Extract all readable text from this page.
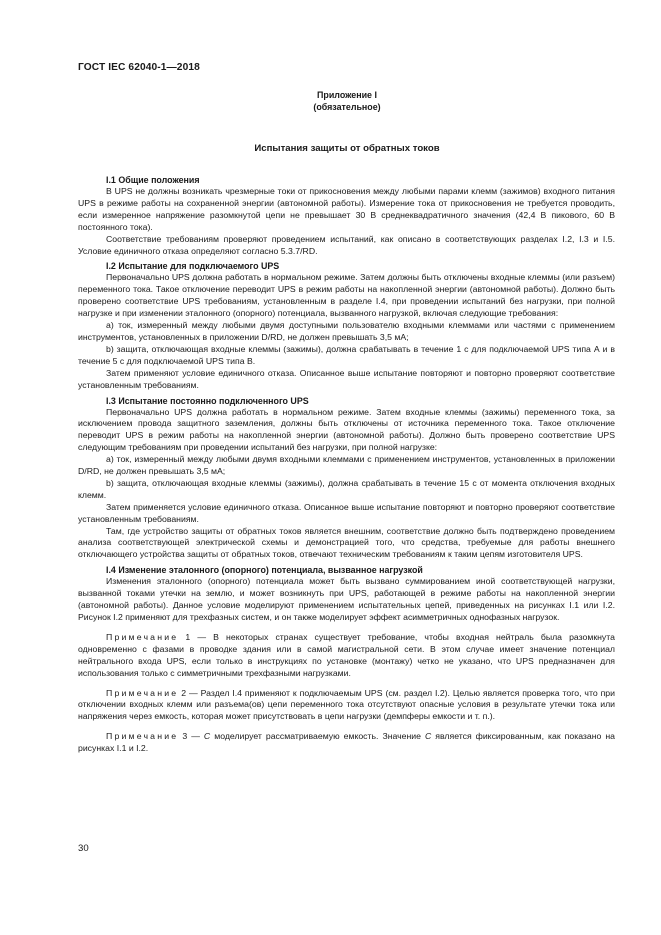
ГОСТ IEC 62040-1—2018
Приложение I
(обязательное)
Испытания защиты от обратных токов
I.1 Общие положения

В UPS не должны возникать чрезмерные токи от прикосновения между любыми парами клемм (зажимов) входного питания UPS в режиме работы на сохраненной энергии (автономной работы). Измерение тока от прикосновения не требуется проводить, если измеренное напряжение разомкнутой цепи не превышает 30 В среднеквадратичного значения (42,4 В пикового, 60 В постоянного тока).

Соответствие требованиям проверяют проведением испытаний, как описано в соответствующих разделах I.2, I.3 и I.5. Условие единичного отказа определяют согласно 5.3.7/RD.

I.2 Испытание для подключаемого UPS

Первоначально UPS должна работать в нормальном режиме. Затем должны быть отключены входные клеммы (или разъем) переменного тока. Такое отключение переводит UPS в режим работы на накопленной энергии (автономной работы). Должно быть проверено соответствие UPS требованиям, установленным в разделе I.4, при проведении испытаний без нагрузки, при полной нагрузке и при изменении эталонного (опорного) потенциала, вызванного нагрузкой, включая следующие требования:

а) ток, измеренный между любыми двумя доступными пользователю входными клеммами или частями с применением инструментов, установленных в приложении D/RD, не должен превышать 3,5 мА;

b) защита, отключающая входные клеммы (зажимы), должна срабатывать в течение 1 с для подключаемой UPS типа А и в течение 5 с для подключаемой UPS типа В.

Затем применяют условие единичного отказа. Описанное выше испытание повторяют и повторно проверяют соответствие установленным требованиям.

I.3 Испытание постоянно подключенного UPS

Первоначально UPS должна работать в нормальном режиме. Затем входные клеммы (зажимы) переменного тока, за исключением провода защитного заземления, должны быть отключены от источника переменного тока. Такое отключение переводит UPS в режим работы на накопленной энергии (автономной работы). Должно быть проверено соответствие UPS следующим требованиям при проведении испытаний без нагрузки, при полной нагрузке:

а) ток, измеренный между любыми двумя входными клеммами с применением инструментов, установленных в приложении D/RD, не должен превышать 3,5 мА;

b) защита, отключающая входные клеммы (зажимы), должна срабатывать в течение 15 с от момента отключения входных клемм.

Затем применяется условие единичного отказа. Описанное выше испытание повторяют и повторно проверяют соответствие установленным требованиям.

Там, где устройство защиты от обратных токов является внешним, соответствие должно быть подтверждено проведением анализа соответствующей электрической схемы и демонстрацией того, что средства, требуемые для работы внешнего отключающего устройства защиты от обратных токов, отвечают техническим требованиям к таким цепям изготовителя UPS.

I.4 Изменение эталонного (опорного) потенциала, вызванное нагрузкой

Изменения эталонного (опорного) потенциала может быть вызвано суммированием иной соответствующей нагрузки, вызванной токами утечки на землю, и может возникнуть при UPS, работающей в режиме работы на накопленной энергии (автономной работы). Данное условие моделируют применением испытательных цепей, приведенных на рисунках I.1 или I.2. Рисунок I.2 применяют для трехфазных систем, и он также моделирует эффект асимметричных однофазных нагрузок.

Примечание 1 — В некоторых странах существует требование, чтобы входная нейтраль была разомкнута одновременно с фазами в проводке здания или в самой магистральной сети. В этом случае имеет значение потенциал нейтрального входа UPS, если только в инструкциях по установке (монтажу) четко не указано, что UPS предназначен для использования только с симметричными трехфазными нагрузками.

Примечание 2 — Раздел I.4 применяют к подключаемым UPS (см. раздел I.2). Целью является проверка того, что при отключении входных клемм или разъема(ов) цепи переменного тока отсутствуют опасные условия в результате утечки тока или напряжения через емкость, которая может присутствовать в цепи нагрузки (демпферы емкости и т. п.).

Примечание 3 — C моделирует рассматриваемую емкость. Значение C является фиксированным, как показано на рисунках I.1 и I.2.

30
